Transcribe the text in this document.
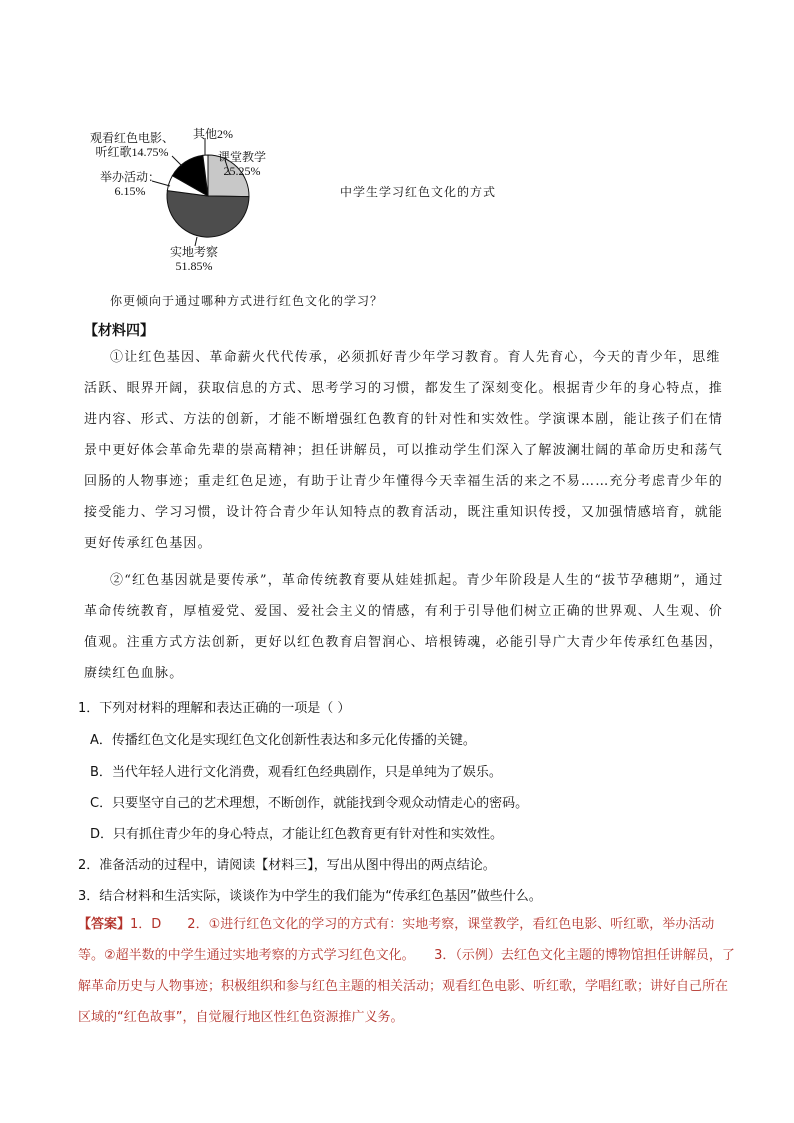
课堂教学
25.25%
实地考察
51.85%
举办活动：
6.15%
观看红色电影、
听红歌14.75%
其他2%
中学生学习红色文化的方式
你更倾向于通过哪种方式进行红色文化的学习？
【材料四】
①让红色基因、革命薪火代代传承，必须抓好青少年学习教育。育人先育心，今天的青少年，思维活跃、眼界开阔，获取信息的方式、思考学习的习惯，都发生了深刻变化。根据青少年的身心特点，推进内容、形式、方法的创新，才能不断增强红色教育的针对性和实效性。学演课本剧，能让孩子们在情景中更好体会革命先辈的崇高精神；担任讲解员，可以推动学生们深入了解波澜壮阔的革命历史和荡气回肠的人物事迹；重走红色足迹，有助于让青少年懂得今天幸福生活的来之不易……充分考虑青少年的接受能力、学习习惯，设计符合青少年认知特点的教育活动，既注重知识传授，又加强情感培育，就能更好传承红色基因。
②“红色基因就是要传承”，革命传统教育要从娃娃抓起。青少年阶段是人生的“拔节孕穗期”，通过革命传统教育，厚植爱党、爱国、爱社会主义的情感，有利于引导他们树立正确的世界观、人生观、价值观。注重方式方法创新，更好以红色教育启智润心、培根铸魂，必能引导广大青少年传承红色基因，赓续红色血脉。
1．下列对材料的理解和表达正确的一项是（ ）
A．传播红色文化是实现红色文化创新性表达和多元化传播的关键。
B．当代年轻人进行文化消费，观看红色经典剧作，只是单纯为了娱乐。
C．只要坚守自己的艺术理想，不断创作，就能找到令观众动情走心的密码。
D．只有抓住青少年的身心特点，才能让红色教育更有针对性和实效性。
2．准备活动的过程中，请阅读【材料三】，写出从图中得出的两点结论。
3．结合材料和生活实际，谈谈作为中学生的我们能为“传承红色基因”做些什么。
【答案】1．D　　2．①进行红色文化的学习的方式有：实地考察，课堂教学，看红色电影、听红歌，举办活动等。②超半数的中学生通过实地考察的方式学习红色文化。　　3．（示例）去红色文化主题的博物馆担任讲解员，了解革命历史与人物事迹；积极组织和参与红色主题的相关活动；观看红色电影、听红歌，学唱红歌；讲好自己所在区域的“红色故事”，自觉履行地区性红色资源推广义务。
